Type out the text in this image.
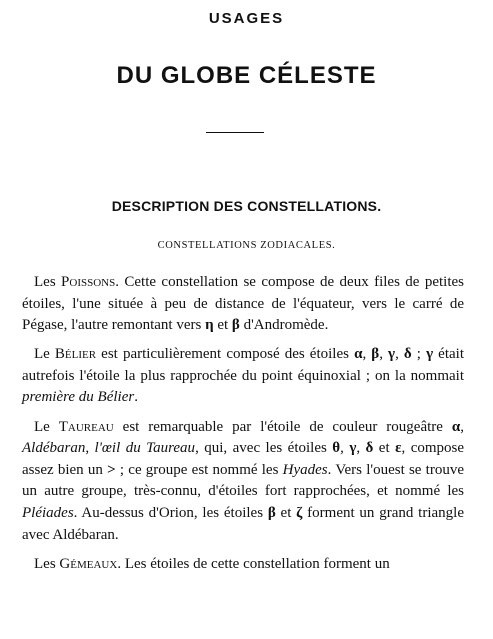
USAGES
DU GLOBE CÉLESTE
DESCRIPTION DES CONSTELLATIONS.
CONSTELLATIONS ZODIACALES.

Les Poissons. Cette constellation se compose de deux files de petites étoiles, l'une située à peu de distance de l'équateur, vers le carré de Pégase, l'autre remontant vers η et β d'Andromède.

Le Bélier est particulièrement composé des étoiles α, β, γ, δ ; γ était autrefois l'étoile la plus rapprochée du point équinoxial ; on la nommait première du Bélier.

Le Taureau est remarquable par l'étoile de couleur rougeâtre α, Aldébaran, l'œil du Taureau, qui, avec les étoiles θ, γ, δ et ε, compose assez bien un > ; ce groupe est nommé les Hyades. Vers l'ouest se trouve un autre groupe, très-connu, d'étoiles fort rapprochées, et nommé les Pléiades. Au-dessus d'Orion, les étoiles β et ζ forment un grand triangle avec Aldébaran.

Les Gémeaux. Les étoiles de cette constellation forment un
